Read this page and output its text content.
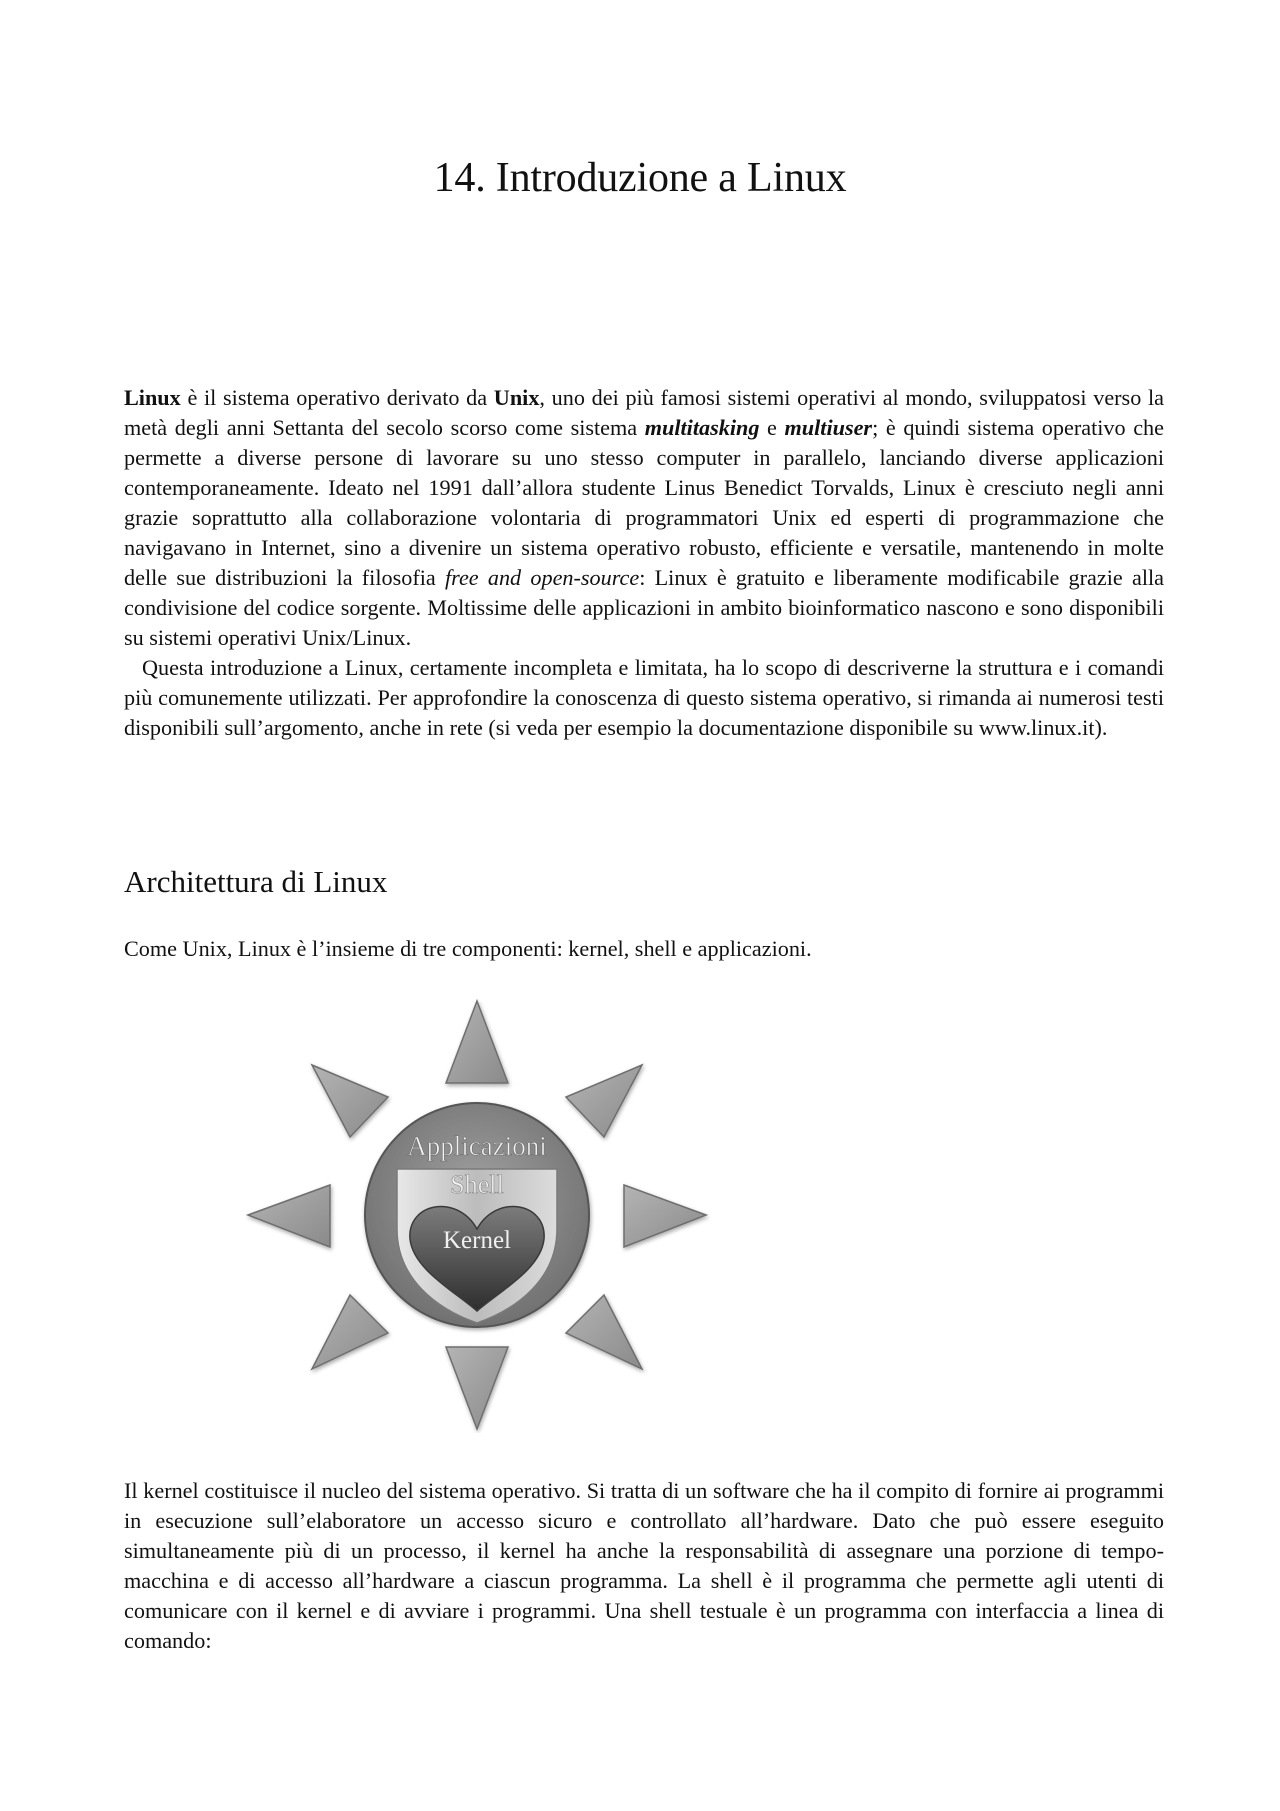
14. Introduzione a Linux

Linux è il sistema operativo derivato da Unix, uno dei più famosi sistemi operativi al mondo, sviluppatosi verso la metà degli anni Settanta del secolo scorso come sistema multitasking e multiuser; è quindi sistema operativo che permette a diverse persone di lavorare su uno stesso computer in parallelo, lanciando diverse applicazioni contemporaneamente. Ideato nel 1991 dall’allora studente Linus Benedict Torvalds, Linux è cresciuto negli anni grazie soprattutto alla collaborazione volontaria di programmatori Unix ed esperti di programmazione che navigavano in Internet, sino a divenire un sistema operativo robusto, efficiente e versatile, mantenendo in molte delle sue distribuzioni la filosofia free and open-source: Linux è gratuito e liberamente modificabile grazie alla condivisione del codice sorgente. Moltissime delle applicazioni in ambito bioinformatico nascono e sono disponibili su sistemi operativi Unix/Linux.

Questa introduzione a Linux, certamente incompleta e limitata, ha lo scopo di descriverne la struttura e i comandi più comunemente utilizzati. Per approfondire la conoscenza di questo sistema operativo, si rimanda ai numerosi testi disponibili sull’argomento, anche in rete (si veda per esempio la documentazione disponibile su www.linux.it).

Architettura di Linux

Come Unix, Linux è l’insieme di tre componenti: kernel, shell e applicazioni.

Applicazioni
Shell
Kernel

Il kernel costituisce il nucleo del sistema operativo. Si tratta di un software che ha il compito di fornire ai programmi in esecuzione sull’elaboratore un accesso sicuro e controllato all’hardware. Dato che può essere eseguito simultaneamente più di un processo, il kernel ha anche la responsabilità di assegnare una porzione di tempo-macchina e di accesso all’hardware a ciascun programma. La shell è il programma che permette agli utenti di comunicare con il kernel e di avviare i programmi. Una shell testuale è un programma con interfaccia a linea di comando:
